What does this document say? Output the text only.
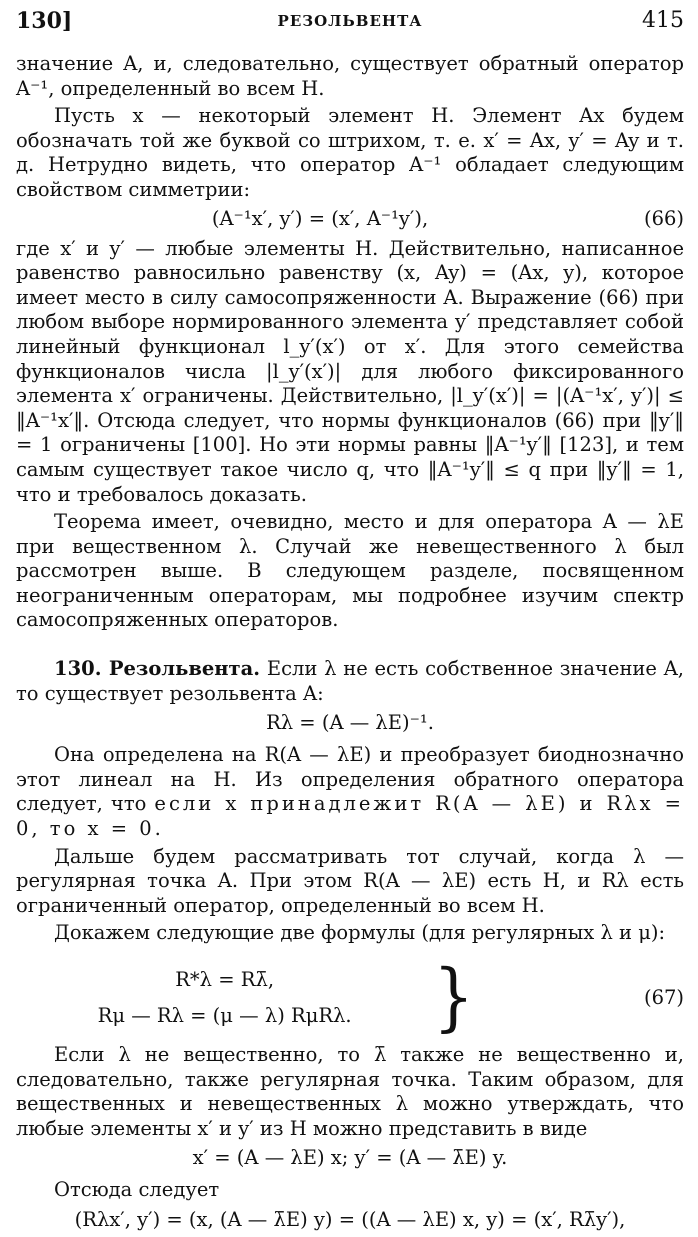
130]	РЕЗОЛЬВЕНТА	415

значение A, и, следовательно, существует обратный оператор A⁻¹, определенный во всем H.

Пусть x — некоторый элемент H. Элемент Ax будем обозначать той же буквой со штрихом, т. е. x′ = Ax, y′ = Ay и т. д. Нетрудно видеть, что оператор A⁻¹ обладает следующим свойством симметрии:

(A⁻¹x′, y′) = (x′, A⁻¹y′),	(66)

где x′ и y′ — любые элементы H. Действительно, написанное равенство равносильно равенству (x, Ay) = (Ax, y), которое имеет место в силу самосопряженности A. Выражение (66) при любом выборе нормированного элемента y′ представляет собой линейный функционал l_y′(x′) от x′. Для этого семейства функционалов числа |l_y′(x′)| для любого фиксированного элемента x′ ограничены. Действительно, |l_y′(x′)| = |(A⁻¹x′, y′)| ≤ ‖A⁻¹x′‖. Отсюда следует, что нормы функционалов (66) при ‖y′‖ = 1 ограничены [100]. Но эти нормы равны ‖A⁻¹y′‖ [123], и тем самым существует такое число q, что ‖A⁻¹y′‖ ≤ q при ‖y′‖ = 1, что и требовалось доказать.

Теорема имеет, очевидно, место и для оператора A — λE при вещественном λ. Случай же невещественного λ был рассмотрен выше. В следующем разделе, посвященном неограниченным операторам, мы подробнее изучим спектр самосопряженных операторов.

130. Резольвента. Если λ не есть собственное значение A, то существует резольвента A:

Rλ = (A — λE)⁻¹.

Она определена на R(A — λE) и преобразует биоднозначно этот линеал на H. Из определения обратного оператора следует, что если x принадлежит R(A — λE) и Rλx = 0, то x = 0.

Дальше будем рассматривать тот случай, когда λ — регулярная точка A. При этом R(A — λE) есть H, и Rλ есть ограниченный оператор, определенный во всем H.

Докажем следующие две формулы (для регулярных λ и μ):

R*λ = Rλ̄,
Rμ — Rλ = (μ — λ) RμRλ.	}	(67)

Если λ не вещественно, то λ̄ также не вещественно и, следовательно, также регулярная точка. Таким образом, для вещественных и невещественных λ можно утверждать, что любые элементы x′ и y′ из H можно представить в виде

x′ = (A — λE) x; y′ = (A — λ̄E) y.

Отсюда следует

(Rλx′, y′) = (x, (A — λ̄E) y) = ((A — λE) x, y) = (x′, Rλ̄y′),
